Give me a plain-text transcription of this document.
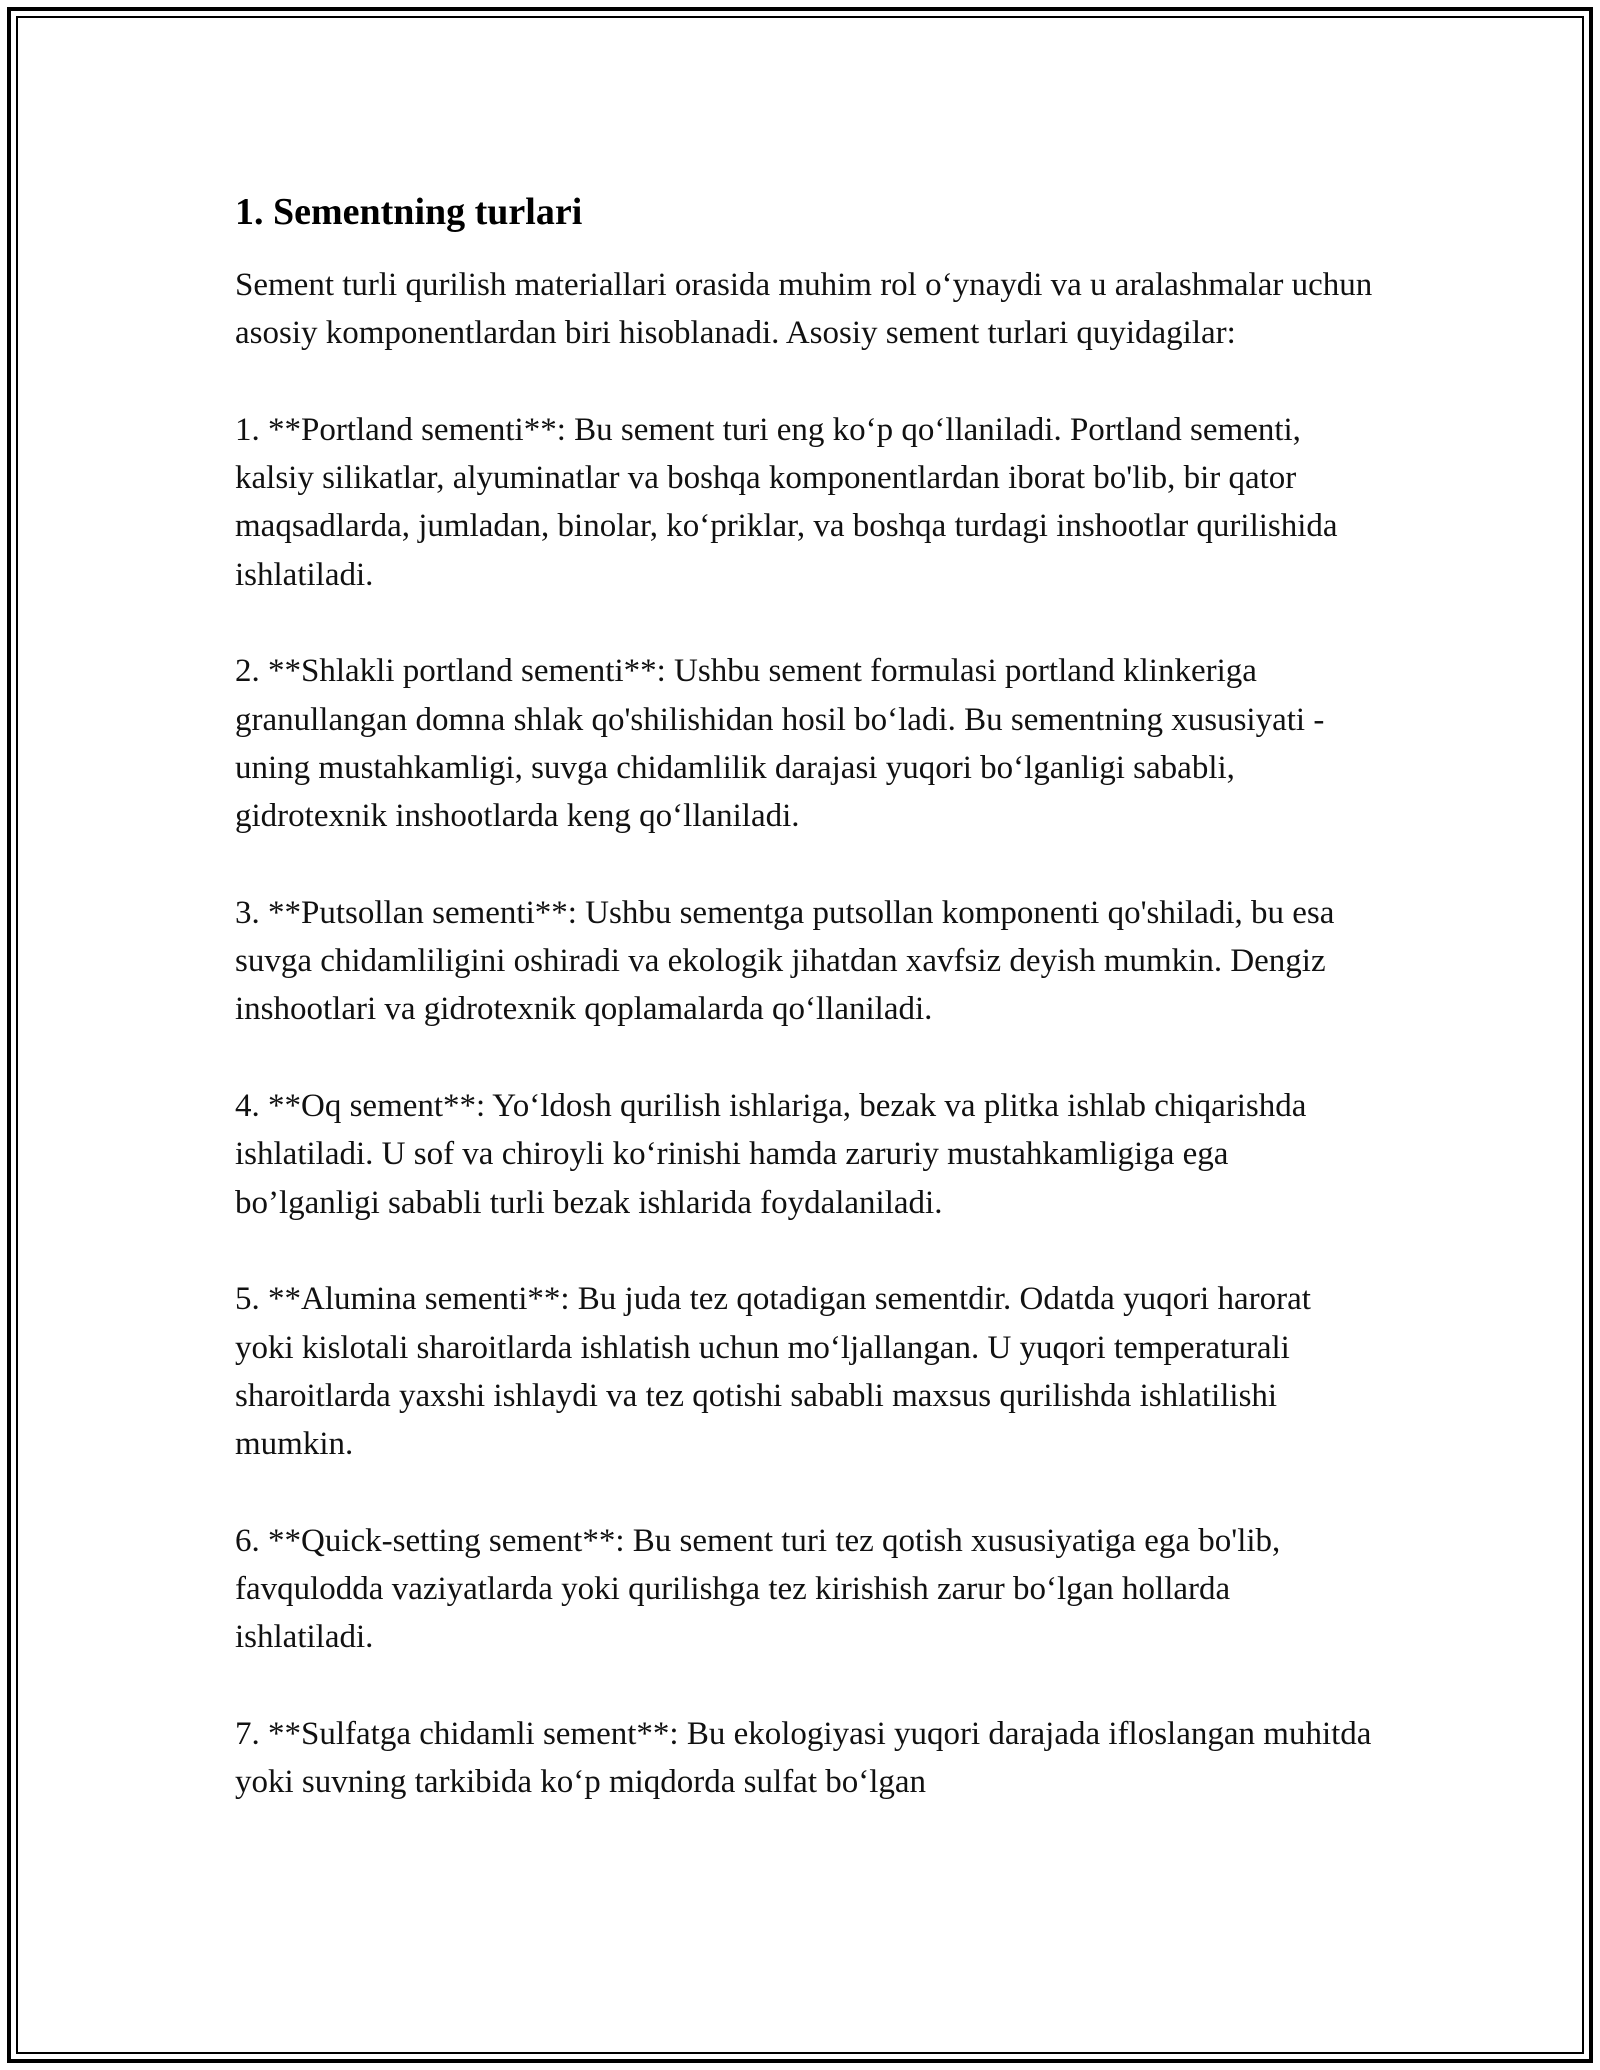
1. Sementning turlari

Sement turli qurilish materiallari orasida muhim rol o‘ynaydi va u aralashmalar uchun asosiy komponentlardan biri hisoblanadi. Asosiy sement turlari quyidagilar:

1. **Portland sementi**: Bu sement turi eng ko‘p qo‘llaniladi. Portland sementi, kalsiy silikatlar, alyuminatlar va boshqa komponentlardan iborat bo'lib, bir qator maqsadlarda, jumladan, binolar, ko‘priklar, va boshqa turdagi inshootlar qurilishida ishlatiladi.

2. **Shlakli portland sementi**: Ushbu sement formulasi portland klinkeriga granullangan domna shlak qo'shilishidan hosil bo‘ladi. Bu sementning xususiyati - uning mustahkamligi, suvga chidamlilik darajasi yuqori bo‘lganligi sababli, gidrotexnik inshootlarda keng qo‘llaniladi.

3. **Putsollan sementi**: Ushbu sementga putsollan komponenti qo'shiladi, bu esa suvga chidamliligini oshiradi va ekologik jihatdan xavfsiz deyish mumkin. Dengiz inshootlari va gidrotexnik qoplamalarda qo‘llaniladi.

4. **Oq sement**: Yo‘ldosh qurilish ishlariga, bezak va plitka ishlab chiqarishda ishlatiladi. U sof va chiroyli ko‘rinishi hamda zaruriy mustahkamligiga ega bo’lganligi sababli turli bezak ishlarida foydalaniladi.

5. **Alumina sementi**: Bu juda tez qotadigan sementdir. Odatda yuqori harorat yoki kislotali sharoitlarda ishlatish uchun mo‘ljallangan. U yuqori temperaturali sharoitlarda yaxshi ishlaydi va tez qotishi sababli maxsus qurilishda ishlatilishi mumkin.

6. **Quick-setting sement**: Bu sement turi tez qotish xususiyatiga ega bo'lib, favqulodda vaziyatlarda yoki qurilishga tez kirishish zarur bo‘lgan hollarda ishlatiladi.

7. **Sulfatga chidamli sement**: Bu ekologiyasi yuqori darajada ifloslangan muhitda yoki suvning tarkibida ko‘p miqdorda sulfat bo‘lgan
